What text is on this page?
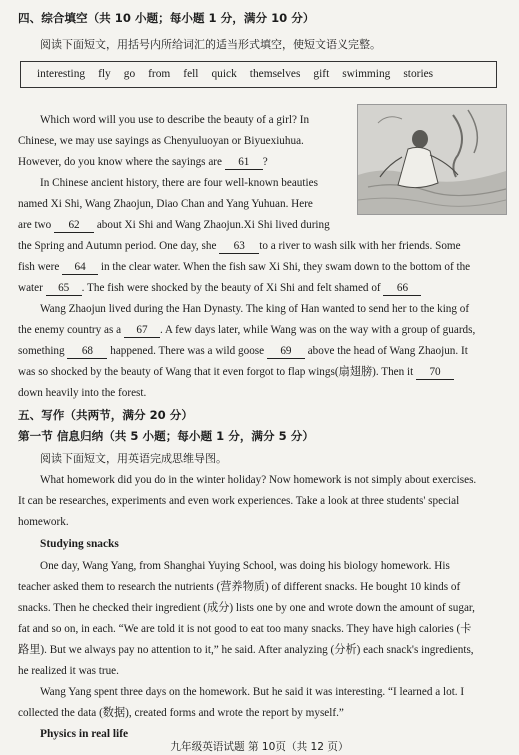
四、综合填空（共 10 小题；每小题 1 分，满分 10 分）
阅读下面短文，用括号内所给词汇的适当形式填空，使短文语义完整。
interesting fly go from fell quick themselves gift swimming stories
Which word will you use to describe the beauty of a girl? In
Chinese, we may use sayings as Chenyuluoyan or Biyuexiuhua.
However, do you know where the sayings are 61 ?
In Chinese ancient history, there are four well-known beauties
named Xi Shi, Wang Zhaojun, Diao Chan and Yang Yuhuan. Here
are two 62 about Xi Shi and Wang Zhaojun.Xi Shi lived during
the Spring and Autumn period. One day, she 63 to a river to wash silk with her friends. Some
fish were 64 in the clear water. When the fish saw Xi Shi, they swam down to the bottom of the
water 65 . The fish were shocked by the beauty of Xi Shi and felt shamed of 66
Wang Zhaojun lived during the Han Dynasty. The king of Han wanted to send her to the king of
the enemy country as a 67 . A few days later, while Wang was on the way with a group of guards,
something 68 happened. There was a wild goose 69 above the head of Wang Zhaojun. It
was so shocked by the beauty of Wang that it even forgot to flap wings(扇翅膀). Then it 70
down heavily into the forest.
五、写作（共两节，满分 20 分）
第一节 信息归纳（共 5 小题；每小题 1 分，满分 5 分）
阅读下面短文，用英语完成思维导图。
What homework did you do in the winter holiday? Now homework is not simply about exercises.
It can be researches, experiments and even work experiences. Take a look at three students' special
homework.
Studying snacks
One day, Wang Yang, from Shanghai Yuying School, was doing his biology homework. His
teacher asked them to research the nutrients (营养物质) of different snacks. He bought 10 kinds of
snacks. Then he checked their ingredient (成分) lists one by one and wrote down the amount of sugar,
fat and so on, in each. “We are told it is not good to eat too many snacks. They have high calories (卡
路里). But we always pay no attention to it,” he said. After analyzing (分析) each snack's ingredients,
he realized it was true.
Wang Yang spent three days on the homework. But he said it was interesting. “I learned a lot. I
collected the data (数据), created forms and wrote the report by myself.”
Physics in real life
九年级英语试题 第 10页（共 12 页）
